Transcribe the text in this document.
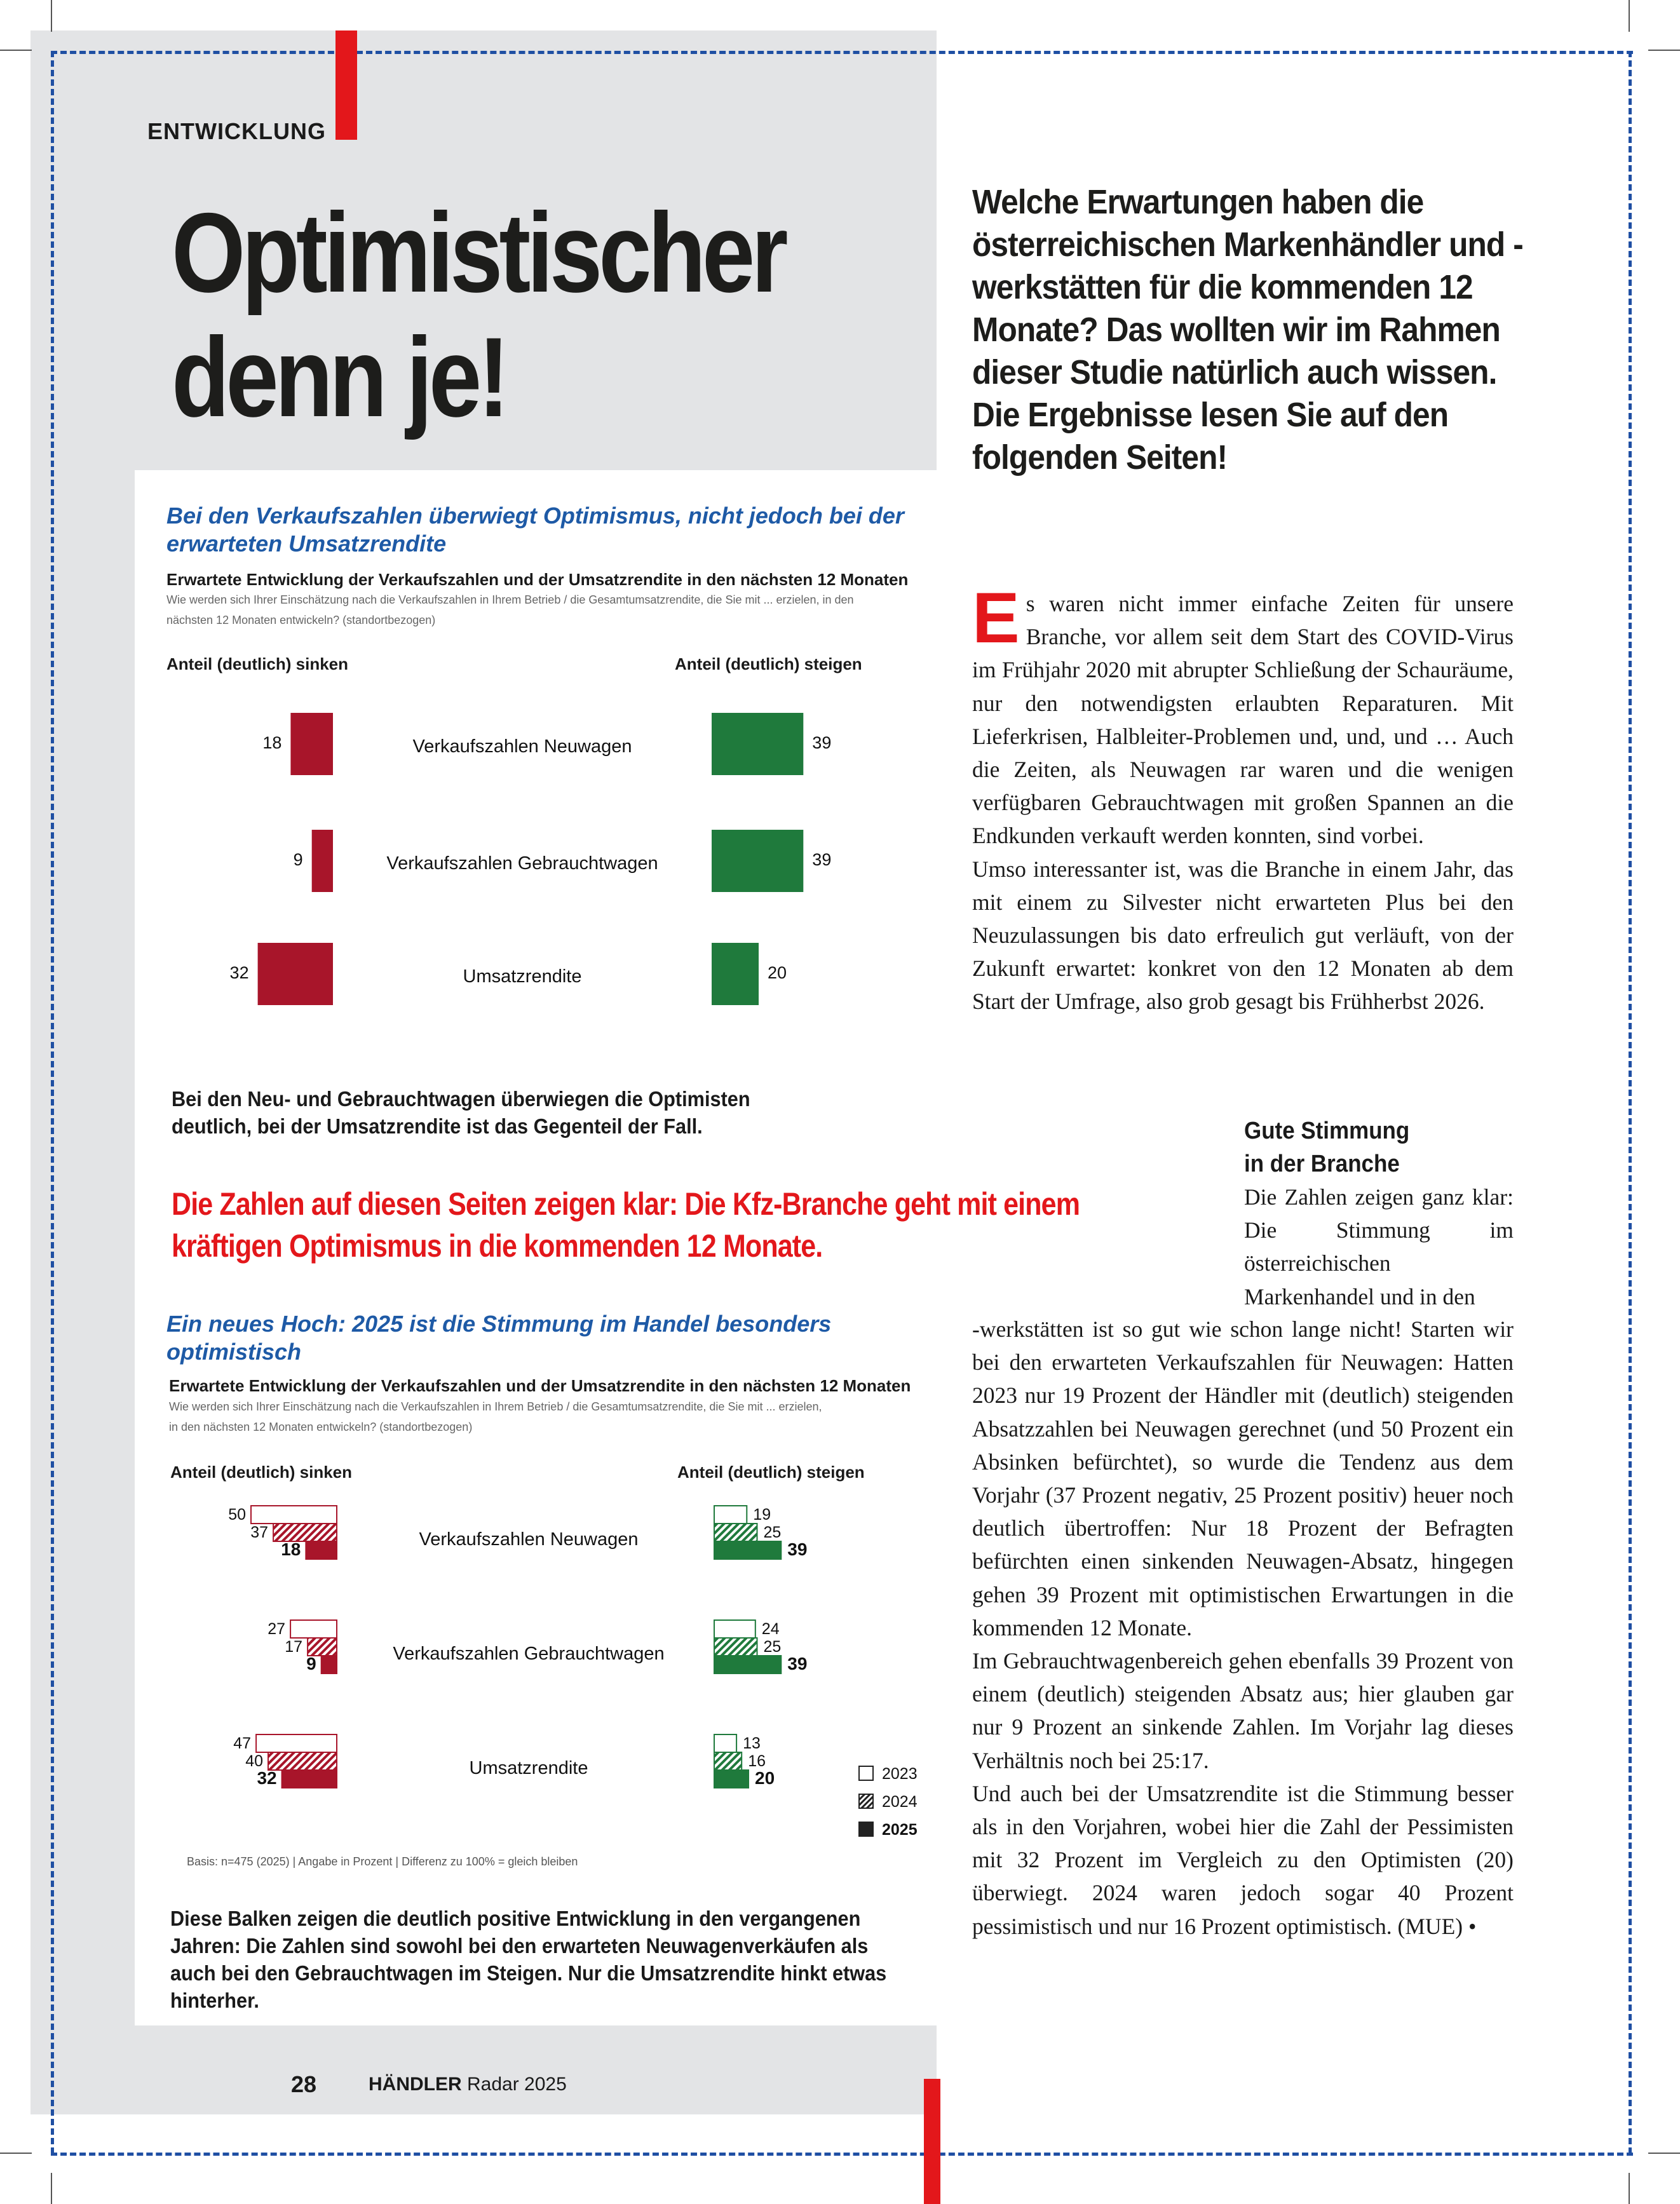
ENTWICKLUNG
Optimistischer
denn je!
Welche Erwartungen haben die österreichischen Markenhändler und -werkstätten für die kommenden 12 Monate? Das wollten wir im Rahmen dieser Studie natürlich auch wissen. Die Ergebnisse lesen Sie auf den folgenden Seiten!
Bei den Verkaufszahlen überwiegt Optimismus, nicht jedoch bei der erwarteten Umsatzrendite
Erwartete Entwicklung der Verkaufszahlen und der Umsatzrendite in den nächsten 12 Monaten
Wie werden sich Ihrer Einschätzung nach die Verkaufszahlen in Ihrem Betrieb / die Gesamtumsatzrendite, die Sie mit ... erzielen, in den
nächsten 12 Monaten entwickeln? (standortbezogen)
Anteil (deutlich) sinken	Anteil (deutlich) steigen
18	39
Verkaufszahlen Neuwagen
9	39
Verkaufszahlen Gebrauchtwagen
32	20
Umsatzrendite
Bei den Neu- und Gebrauchtwagen überwiegen die Optimisten deutlich, bei der Umsatzrendite ist das Gegenteil der Fall.
Die Zahlen auf diesen Seiten zeigen klar: Die Kfz-Branche geht mit einem kräftigen Optimismus in die kommenden 12 Monate.
Ein neues Hoch: 2025 ist die Stimmung im Handel besonders optimistisch
Erwartete Entwicklung der Verkaufszahlen und der Umsatzrendite in den nächsten 12 Monaten
Wie werden sich Ihrer Einschätzung nach die Verkaufszahlen in Ihrem Betrieb / die Gesamtumsatzrendite, die Sie mit ... erzielen,
in den nächsten 12 Monaten entwickeln? (standortbezogen)
Anteil (deutlich) sinken	Anteil (deutlich) steigen
50	19
37	25
18	39
Verkaufszahlen Neuwagen
27	24
17	25
9	39
Verkaufszahlen Gebrauchtwagen
47	13
40	16
32	20
Umsatzrendite	2023
2024
2025
Basis: n=475 (2025) | Angabe in Prozent | Differenz zu 100% = gleich bleiben
Diese Balken zeigen die deutlich positive Entwicklung in den vergangenen Jahren: Die Zahlen sind sowohl bei den erwarteten Neuwagenverkäufen als auch bei den Gebrauchtwagen im Steigen. Nur die Umsatzrendite hinkt etwas hinterher.

Es waren nicht immer einfache Zeiten für unsere Branche, vor allem seit dem Start des COVID-Virus im Frühjahr 2020 mit abrupter Schließung der Schauräume, nur den notwendigsten erlaubten Reparaturen. Mit Lieferkrisen, Halbleiter-Problemen und, und, und … Auch die Zeiten, als Neuwagen rar waren und die wenigen verfügbaren Gebrauchtwagen mit großen Spannen an die Endkunden verkauft werden konnten, sind vorbei.

Umso interessanter ist, was die Branche in einem Jahr, das mit einem zu Silvester nicht erwarteten Plus bei den Neuzulassungen bis dato erfreulich gut verläuft, von der Zukunft erwartet: konkret von den 12 Monaten ab dem Start der Umfrage, also grob gesagt bis Frühherbst 2026.

Gute Stimmung
in der Branche
Die Zahlen zeigen ganz klar: Die Stimmung im österreichischen Markenhandel und in den

-werkstätten ist so gut wie schon lange nicht! Starten wir bei den erwarteten Verkaufszahlen für Neuwagen: Hatten 2023 nur 19 Prozent der Händler mit (deutlich) steigenden Absatzzahlen bei Neuwagen gerechnet (und 50 Prozent ein Absinken befürchtet), so wurde die Tendenz aus dem Vorjahr (37 Prozent negativ, 25 Prozent positiv) heuer noch deutlich übertroffen: Nur 18 Prozent der Befragten befürchten einen sinkenden Neuwagen-Absatz, hingegen gehen 39 Prozent mit optimistischen Erwartungen in die kommenden 12 Monate.

Im Gebrauchtwagenbereich gehen ebenfalls 39 Prozent von einem (deutlich) steigenden Absatz aus; hier glauben gar nur 9 Prozent an sinkende Zahlen. Im Vorjahr lag dieses Verhältnis noch bei 25:17.

Und auch bei der Umsatzrendite ist die Stimmung besser als in den Vorjahren, wobei hier die Zahl der Pessimisten mit 32 Prozent im Vergleich zu den Optimisten (20) überwiegt. 2024 waren jedoch sogar 40 Prozent pessimistisch und nur 16 Prozent optimistisch. (MUE) •

28	HÄNDLER Radar 2025
